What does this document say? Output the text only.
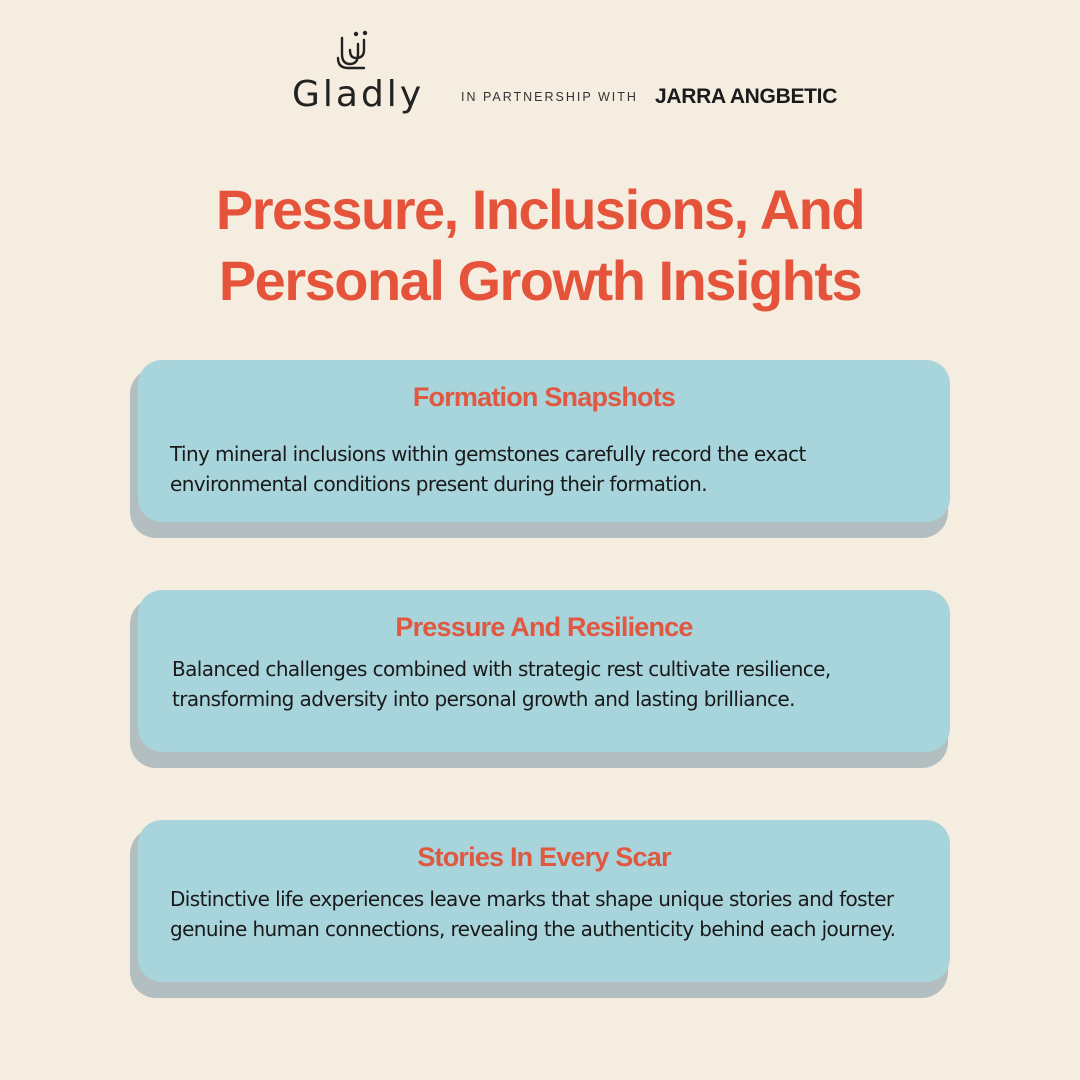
Gladly	IN PARTNERSHIP WITH JARRA ANGBETIC
Pressure, Inclusions, And
Personal Growth Insights
Formation Snapshots
Tiny mineral inclusions within gemstones carefully record the exact environmental conditions present during their formation.
Pressure And Resilience
Balanced challenges combined with strategic rest cultivate resilience, transforming adversity into personal growth and lasting brilliance.
Stories In Every Scar
Distinctive life experiences leave marks that shape unique stories and foster genuine human connections, revealing the authenticity behind each journey.
